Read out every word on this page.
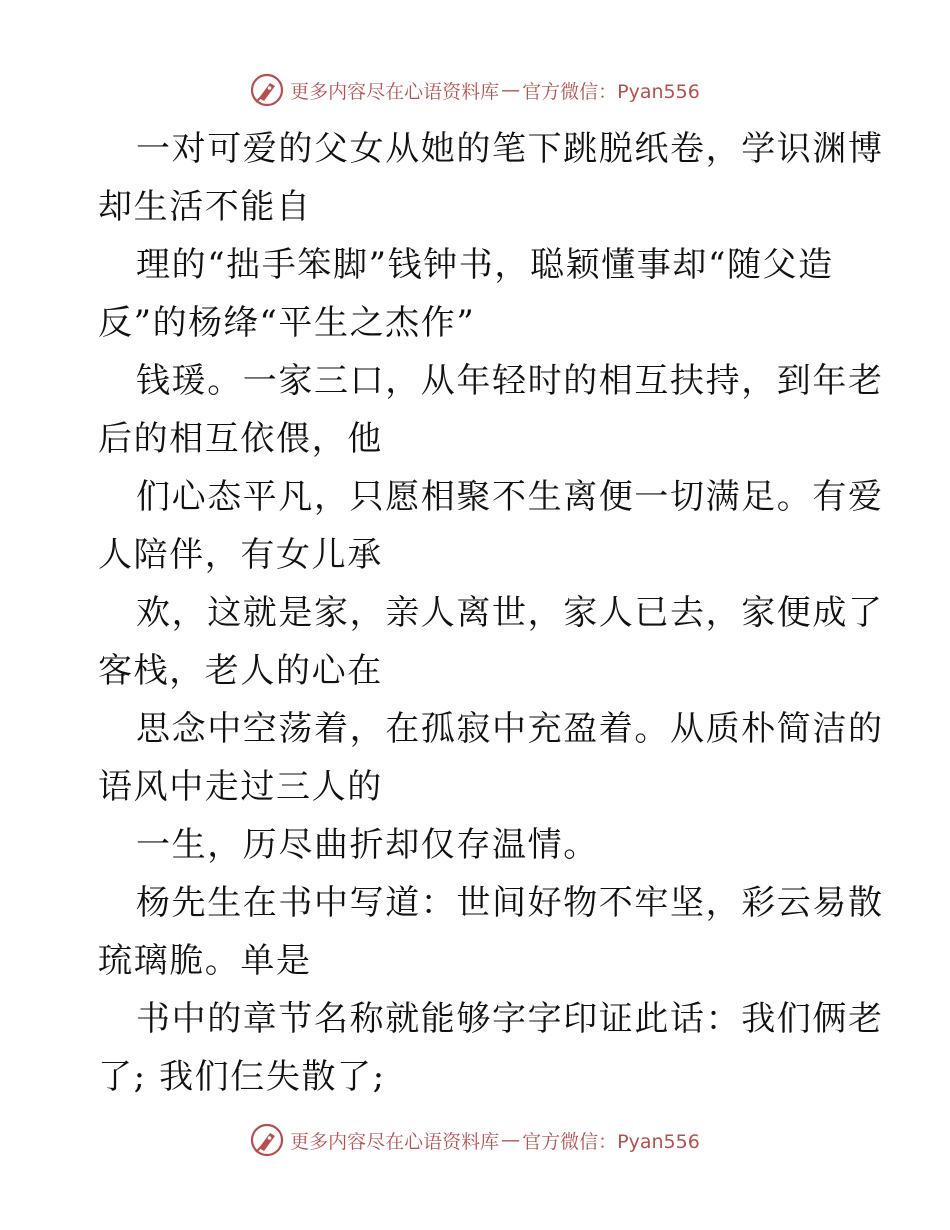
更多内容尽在心语资料库 — 官方微信：Pyan556

一对可爱的父女从她的笔下跳脱纸卷，学识渊博
却生活不能自

理的“拙手笨脚”钱钟书，聪颖懂事却“随父造
反”的杨绛“平生之杰作”

钱瑗。一家三口，从年轻时的相互扶持，到年老
后的相互依偎，他

们心态平凡，只愿相聚不生离便一切满足。有爱
人陪伴，有女儿承

欢，这就是家，亲人离世，家人已去，家便成了
客栈，老人的心在

思念中空荡着，在孤寂中充盈着。从质朴简洁的
语风中走过三人的

一生，历尽曲折却仅存温情。

杨先生在书中写道：世间好物不牢坚，彩云易散
琉璃脆。单是

书中的章节名称就能够字字印证此话：我们俩老
了; 我们仨失散了;

更多内容尽在心语资料库 — 官方微信：Pyan556
